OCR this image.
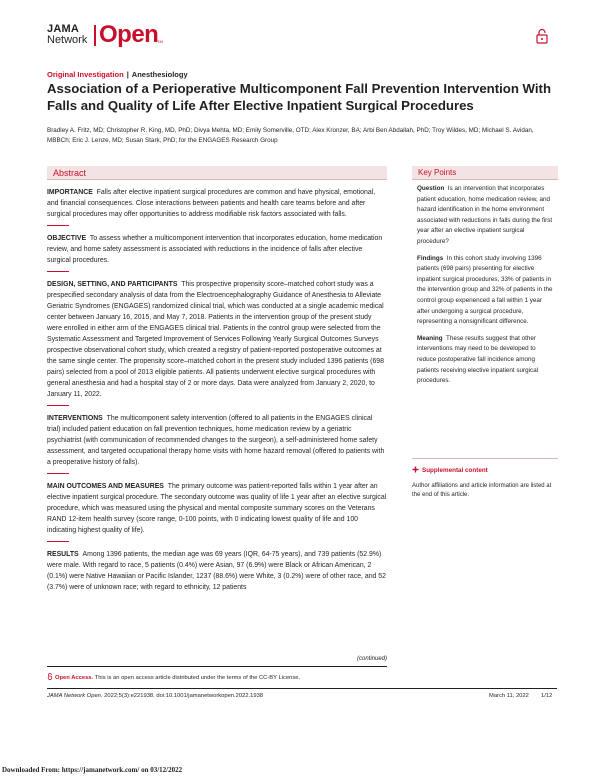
JAMA
Network Open
TM
Original Investigation | Anesthesiology
Association of a Perioperative Multicomponent Fall Prevention Intervention With Falls and Quality of Life After Elective Inpatient Surgical Procedures

Bradley A. Fritz, MD; Christopher R. King, MD, PhD; Divya Mehta, MD; Emily Somerville, OTD; Alex Kronzer, BA; Arbi Ben Abdallah, PhD; Troy Wildes, MD; Michael S. Avidan, MBBCh; Eric J. Lenze, MD; Susan Stark, PhD; for the ENGAGES Research Group

Abstract

IMPORTANCE Falls after elective inpatient surgical procedures are common and have physical, emotional, and financial consequences. Close interactions between patients and health care teams before and after surgical procedures may offer opportunities to address modifiable risk factors associated with falls.

OBJECTIVE To assess whether a multicomponent intervention that incorporates education, home medication review, and home safety assessment is associated with reductions in the incidence of falls after elective surgical procedures.

DESIGN, SETTING, AND PARTICIPANTS This prospective propensity score–matched cohort study was a prespecified secondary analysis of data from the Electroencephalography Guidance of Anesthesia to Alleviate Geriatric Syndromes (ENGAGES) randomized clinical trial, which was conducted at a single academic medical center between January 16, 2015, and May 7, 2018. Patients in the intervention group of the present study were enrolled in either arm of the ENGAGES clinical trial. Patients in the control group were selected from the Systematic Assessment and Targeted Improvement of Services Following Yearly Surgical Outcomes Surveys prospective observational cohort study, which created a registry of patient-reported postoperative outcomes at the same single center. The propensity score–matched cohort in the present study included 1396 patients (698 pairs) selected from a pool of 2013 eligible patients. All patients underwent elective surgical procedures with general anesthesia and had a hospital stay of 2 or more days. Data were analyzed from January 2, 2020, to January 11, 2022.

INTERVENTIONS The multicomponent safety intervention (offered to all patients in the ENGAGES clinical trial) included patient education on fall prevention techniques, home medication review by a geriatric psychiatrist (with communication of recommended changes to the surgeon), a self-administered home safety assessment, and targeted occupational therapy home visits with home hazard removal (offered to patients with a preoperative history of falls).

MAIN OUTCOMES AND MEASURES The primary outcome was patient-reported falls within 1 year after an elective inpatient surgical procedure. The secondary outcome was quality of life 1 year after an elective surgical procedure, which was measured using the physical and mental composite summary scores on the Veterans RAND 12-item health survey (score range, 0-100 points, with 0 indicating lowest quality of life and 100 indicating highest quality of life).

RESULTS Among 1396 patients, the median age was 69 years (IQR, 64-75 years), and 739 patients (52.9%) were male. With regard to race, 5 patients (0.4%) were Asian, 97 (6.9%) were Black or African American, 2 (0.1%) were Native Hawaiian or Pacific Islander, 1237 (88.6%) were White, 3 (0.2%) were of other race, and 52 (3.7%) were of unknown race; with regard to ethnicity, 12 patients

(continued)
Open Access. This is an open access article distributed under the terms of the CC-BY License.
Key Points

Question Is an intervention that incorporates patient education, home medication review, and hazard identification in the home environment associated with reductions in falls during the first year after an elective inpatient surgical procedure?

Findings In this cohort study involving 1396 patients (698 pairs) presenting for elective inpatient surgical procedures, 33% of patients in the intervention group and 32% of patients in the control group experienced a fall within 1 year after undergoing a surgical procedure, representing a nonsignificant difference.

Meaning These results suggest that other interventions may need to be developed to reduce postoperative fall incidence among patients receiving elective inpatient surgical procedures.

Supplemental content

Author affiliations and article information are listed at the end of this article.

JAMA Network Open. 2022;5(3):e221938. doi:10.1001/jamanetworkopen.2022.1938	March 11, 2022 1/12
Downloaded From: https://jamanetwork.com/ on 03/12/2022
